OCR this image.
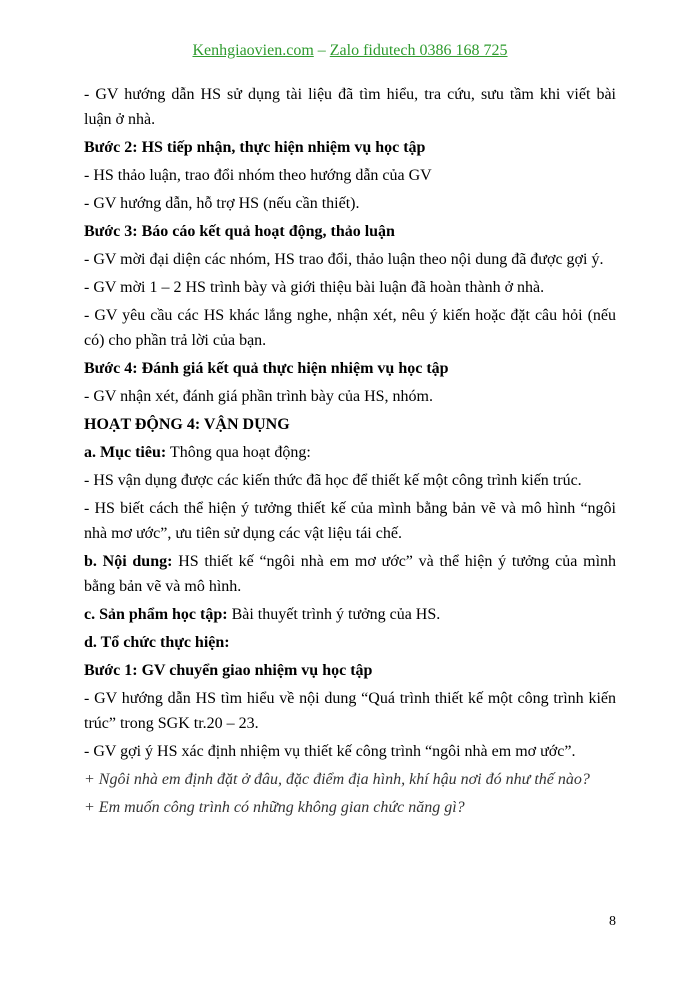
Kenhgiaovien.com – Zalo fidutech 0386 168 725

- GV hướng dẫn HS sử dụng tài liệu đã tìm hiểu, tra cứu, sưu tầm khi viết bài

luận ở nhà.

Bước 2: HS tiếp nhận, thực hiện nhiệm vụ học tập

- HS thảo luận, trao đổi nhóm theo hướng dẫn của GV

- GV hướng dẫn, hỗ trợ HS (nếu cần thiết).

Bước 3: Báo cáo kết quả hoạt động, thảo luận

- GV mời đại diện các nhóm, HS trao đổi, thảo luận theo nội dung đã được gợi ý.

- GV mời 1 – 2 HS trình bày và giới thiệu bài luận đã hoàn thành ở nhà.

- GV yêu cầu các HS khác lắng nghe, nhận xét, nêu ý kiến hoặc đặt câu hỏi (nếu

có) cho phần trả lời của bạn.

Bước 4: Đánh giá kết quả thực hiện nhiệm vụ học tập

- GV nhận xét, đánh giá phần trình bày của HS, nhóm.

HOẠT ĐỘNG 4: VẬN DỤNG

a. Mục tiêu: Thông qua hoạt động:

- HS vận dụng được các kiến thức đã học để thiết kế một công trình kiến trúc.

- HS biết cách thể hiện ý tưởng thiết kế của mình bằng bản vẽ và mô hình “ngôi

nhà mơ ước”, ưu tiên sử dụng các vật liệu tái chế.

b. Nội dung: HS thiết kế “ngôi nhà em mơ ước” và thể hiện ý tưởng của mình

bằng bản vẽ và mô hình.

c. Sản phẩm học tập: Bài thuyết trình ý tưởng của HS.

d. Tổ chức thực hiện:

Bước 1: GV chuyển giao nhiệm vụ học tập

- GV hướng dẫn HS tìm hiểu về nội dung “Quá trình thiết kế một công trình kiến

trúc” trong SGK tr.20 – 23.

- GV gợi ý HS xác định nhiệm vụ thiết kế công trình “ngôi nhà em mơ ước”.

+ Ngôi nhà em định đặt ở đâu, đặc điểm địa hình, khí hậu nơi đó như thế nào?

+ Em muốn công trình có những không gian chức năng gì?

8
